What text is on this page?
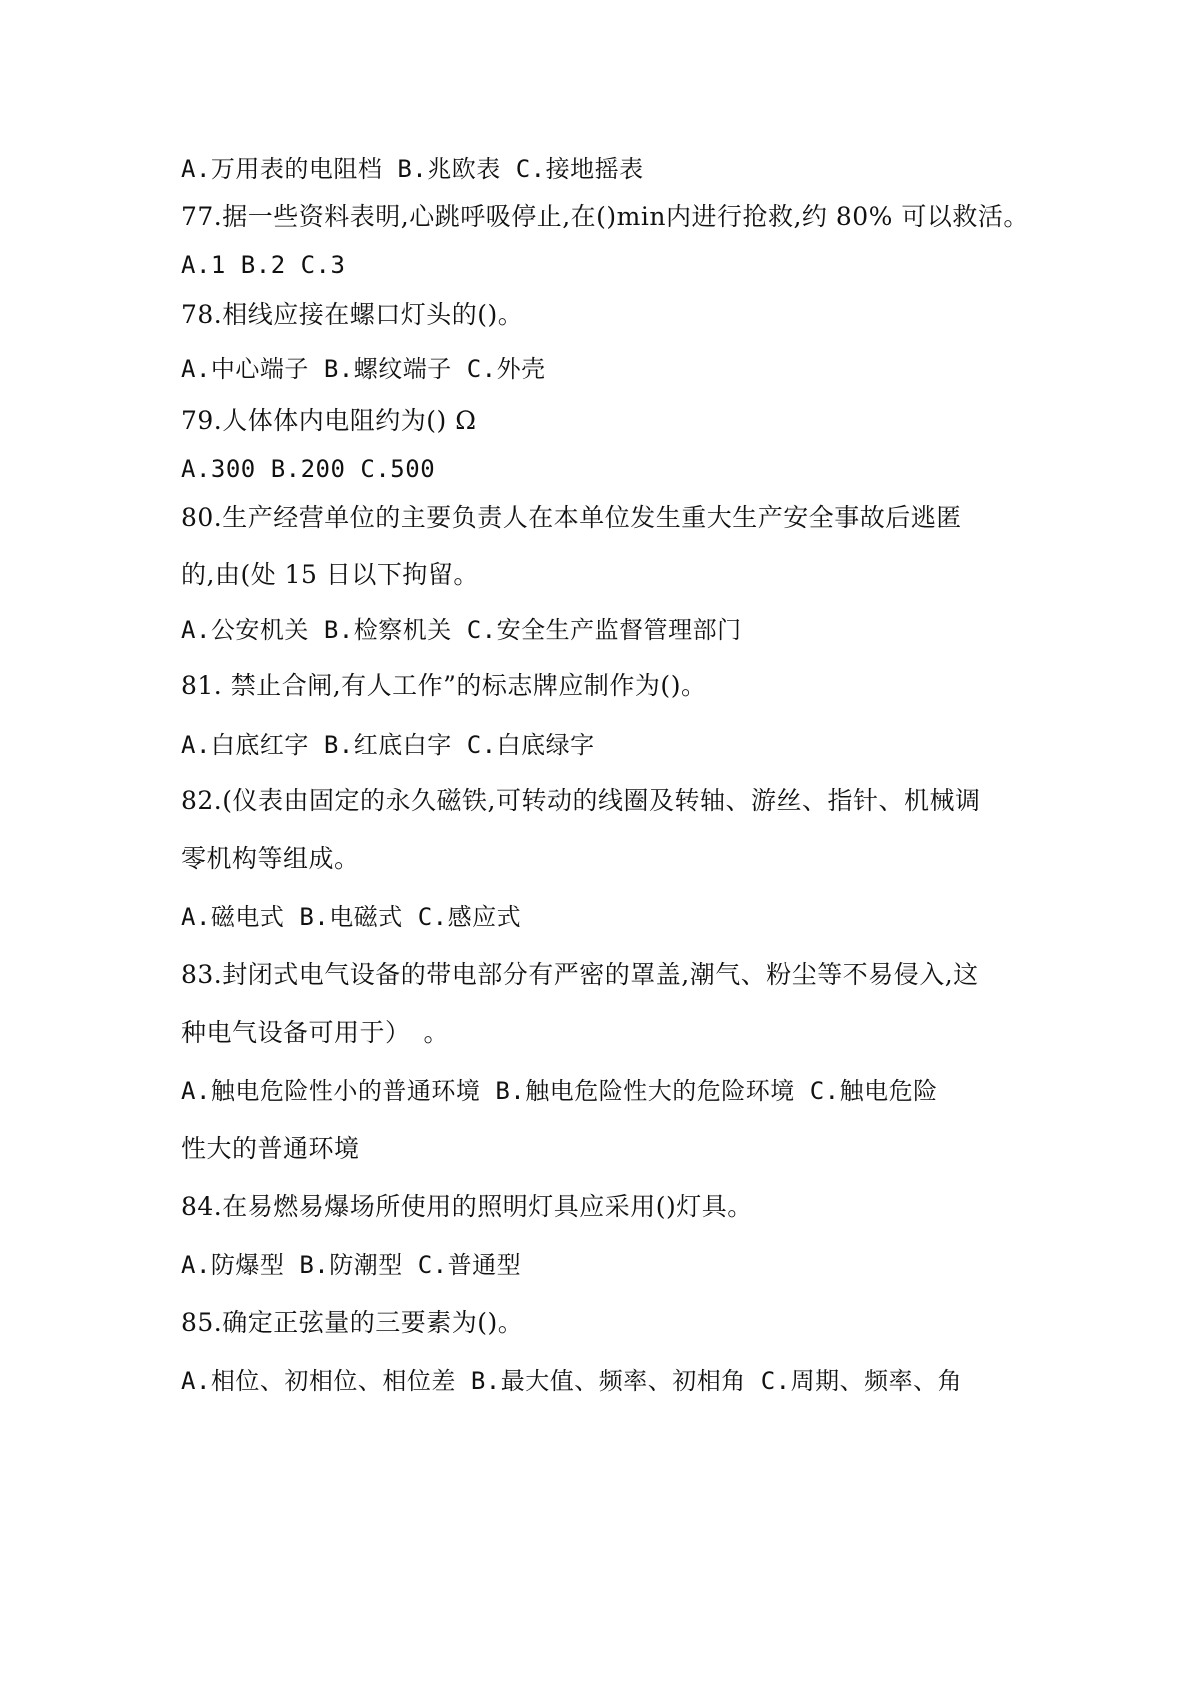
A.万用表的电阻档 B.兆欧表 C.接地摇表
77.据一些资料表明,心跳呼吸停止,在()min内进行抢救,约 80% 可以救活。
A.1 B.2 C.3
78.相线应接在螺口灯头的()。
A.中心端子 B.螺纹端子 C.外壳
79.人体体内电阻约为() Ω
A.300 B.200 C.500
80.生产经营单位的主要负责人在本单位发生重大生产安全事故后逃匿
的,由(处 15 日以下拘留。
A.公安机关 B.检察机关 C.安全生产监督管理部门
81. 禁止合闸,有人工作”的标志牌应制作为()。
A.白底红字 B.红底白字 C.白底绿字
82.(仪表由固定的永久磁铁,可转动的线圈及转轴、游丝、指针、机械调
零机构等组成。
A.磁电式 B.电磁式 C.感应式
83.封闭式电气设备的带电部分有严密的罩盖,潮气、粉尘等不易侵入,这
种电气设备可用于）　。
A.触电危险性小的普通环境 B.触电危险性大的危险环境 C.触电危险
性大的普通环境
84.在易燃易爆场所使用的照明灯具应采用()灯具。
A.防爆型 B.防潮型 C.普通型
85.确定正弦量的三要素为()。
A.相位、初相位、相位差 B.最大值、频率、初相角 C.周期、频率、角
